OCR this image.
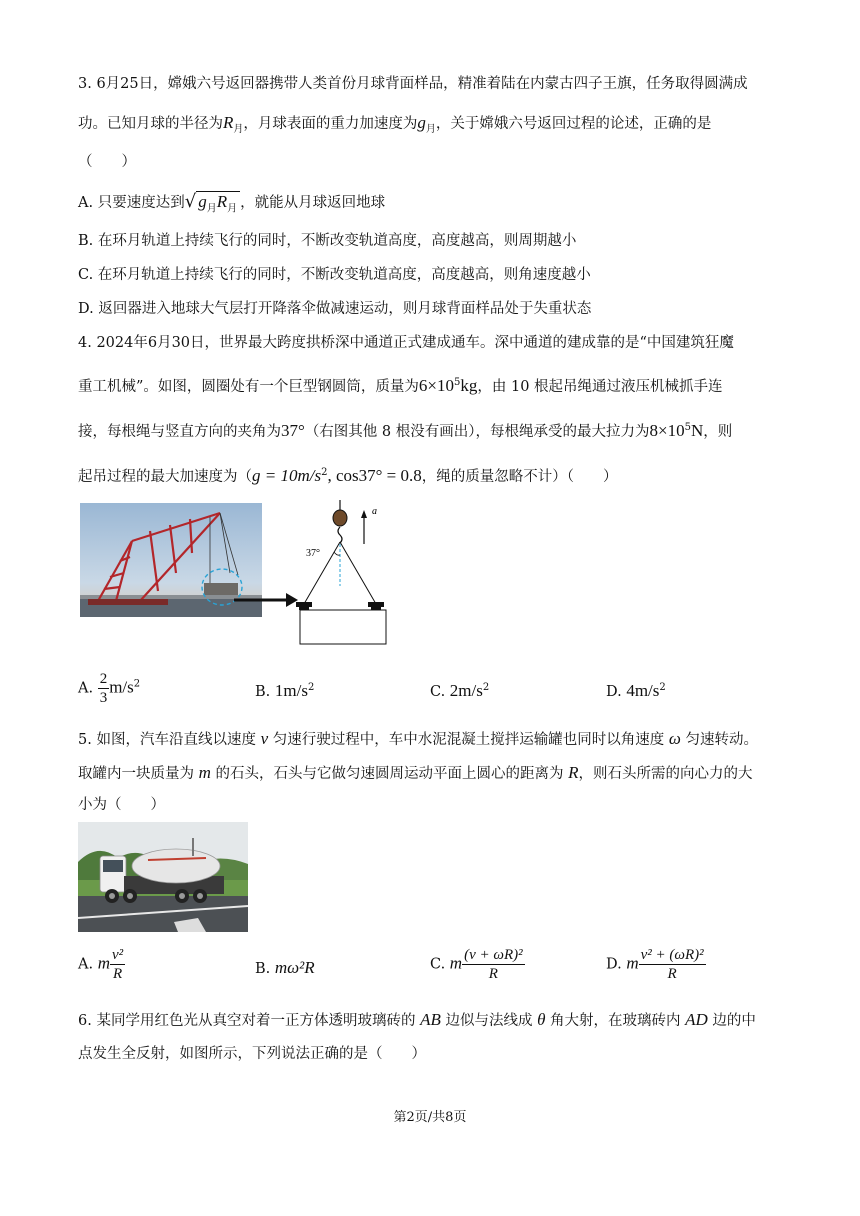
3. 6月25日，嫦娥六号返回器携带人类首份月球背面样品，精准着陆在内蒙古四子王旗，任务取得圆满成
功。已知月球的半径为$R_月$，月球表面的重力加速度为$g_月$，关于嫦娥六号返回过程的论述，正确的是
（　　）
A. 只要速度达到√ $g_月R_月$ ，就能从月球返回地球
B. 在环月轨道上持续飞行的同时，不断改变轨道高度，高度越高，则周期越小
C. 在环月轨道上持续飞行的同时，不断改变轨道高度，高度越高，则角速度越小
D. 返回器进入地球大气层打开降落伞做减速运动，则月球背面样品处于失重状态
4. 2024年6月30日，世界最大跨度拱桥深中通道正式建成通车。深中通道的建成靠的是“中国建筑狂魔
重工机械”。如图，圆圈处有一个巨型钢圆筒，质量为$6\times 10^5kg$，由 10 根起吊绳通过液压机械抓手连
接，每根绳与竖直方向的夹角为37°（右图其他 8 根没有画出），每根绳承受的最大拉力为$8\times 10^5N$，则
起吊过程的最大加速度为（$g = 10m/s^2$, cos37° = 0.8，绳的质量忽略不计）（　　）
37°
a
A. $\frac{2}{3} m/s^2$	B. $1m/s^2$	C. $2m/s^2$	D. $4m/s^2$
5. 如图，汽车沿直线以速度 v 匀速行驶过程中，车中水泥混凝土搅拌运输罐也同时以角速度 ω 匀速转动。
取罐内一块质量为 m 的石头，石头与它做匀速圆周运动平面上圆心的距离为 R，则石头所需的向心力的大
小为（　　）
A. m $\frac{\text{v²}}{R}$	B. mω²R	C. m $\frac{\text{(v + ωR)²}}{R}$	D. m $\frac{\text{v² + (ωR)²}}{R}$
6. 某同学用红色光从真空对着一正方体透明玻璃砖的 AB 边似与法线成 θ 角大射，在玻璃砖内 AD 边的中
点发生全反射，如图所示，下列说法正确的是（　　）
第2页/共8页
